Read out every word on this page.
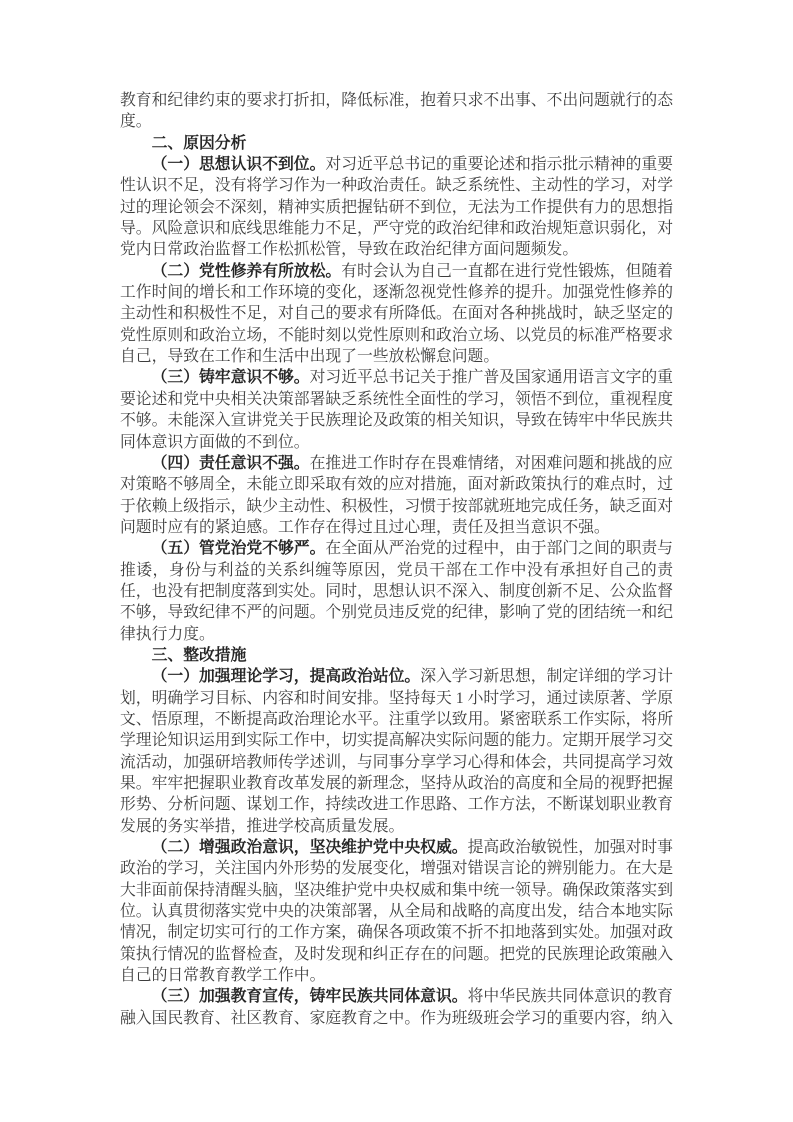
教育和纪律约束的要求打折扣，降低标准，抱着只求不出事、不出问题就行的态度。

二、原因分析

（一）思想认识不到位。对习近平总书记的重要论述和指示批示精神的重要性认识不足，没有将学习作为一种政治责任。缺乏系统性、主动性的学习，对学过的理论领会不深刻，精神实质把握钻研不到位，无法为工作提供有力的思想指导。风险意识和底线思维能力不足，严守党的政治纪律和政治规矩意识弱化，对党内日常政治监督工作松抓松管，导致在政治纪律方面问题频发。

（二）党性修养有所放松。有时会认为自己一直都在进行党性锻炼，但随着工作时间的增长和工作环境的变化，逐渐忽视党性修养的提升。加强党性修养的主动性和积极性不足，对自己的要求有所降低。在面对各种挑战时，缺乏坚定的党性原则和政治立场，不能时刻以党性原则和政治立场、以党员的标准严格要求自己，导致在工作和生活中出现了一些放松懈怠问题。

（三）铸牢意识不够。对习近平总书记关于推广普及国家通用语言文字的重要论述和党中央相关决策部署缺乏系统性全面性的学习，领悟不到位，重视程度不够。未能深入宣讲党关于民族理论及政策的相关知识，导致在铸牢中华民族共同体意识方面做的不到位。

（四）责任意识不强。在推进工作时存在畏难情绪，对困难问题和挑战的应对策略不够周全，未能立即采取有效的应对措施，面对新政策执行的难点时，过于依赖上级指示，缺少主动性、积极性，习惯于按部就班地完成任务，缺乏面对问题时应有的紧迫感。工作存在得过且过心理，责任及担当意识不强。

（五）管党治党不够严。在全面从严治党的过程中，由于部门之间的职责与推诿，身份与利益的关系纠缠等原因，党员干部在工作中没有承担好自己的责任，也没有把制度落到实处。同时，思想认识不深入、制度创新不足、公众监督不够，导致纪律不严的问题。个别党员违反党的纪律，影响了党的团结统一和纪律执行力度。

三、整改措施

（一）加强理论学习，提高政治站位。深入学习新思想，制定详细的学习计划，明确学习目标、内容和时间安排。坚持每天 1 小时学习，通过读原著、学原文、悟原理，不断提高政治理论水平。注重学以致用。紧密联系工作实际，将所学理论知识运用到实际工作中，切实提高解决实际问题的能力。定期开展学习交流活动，加强研培教师传学述训，与同事分享学习心得和体会，共同提高学习效果。牢牢把握职业教育改革发展的新理念，坚持从政治的高度和全局的视野把握形势、分析问题、谋划工作，持续改进工作思路、工作方法，不断谋划职业教育发展的务实举措，推进学校高质量发展。

（二）增强政治意识，坚决维护党中央权威。提高政治敏锐性，加强对时事政治的学习，关注国内外形势的发展变化，增强对错误言论的辨别能力。在大是大非面前保持清醒头脑，坚决维护党中央权威和集中统一领导。确保政策落实到位。认真贯彻落实党中央的决策部署，从全局和战略的高度出发，结合本地实际情况，制定切实可行的工作方案，确保各项政策不折不扣地落到实处。加强对政策执行情况的监督检查，及时发现和纠正存在的问题。把党的民族理论政策融入自己的日常教育教学工作中。

（三）加强教育宣传，铸牢民族共同体意识。将中华民族共同体意识的教育融入国民教育、社区教育、家庭教育之中。作为班级班会学习的重要内容，纳入
